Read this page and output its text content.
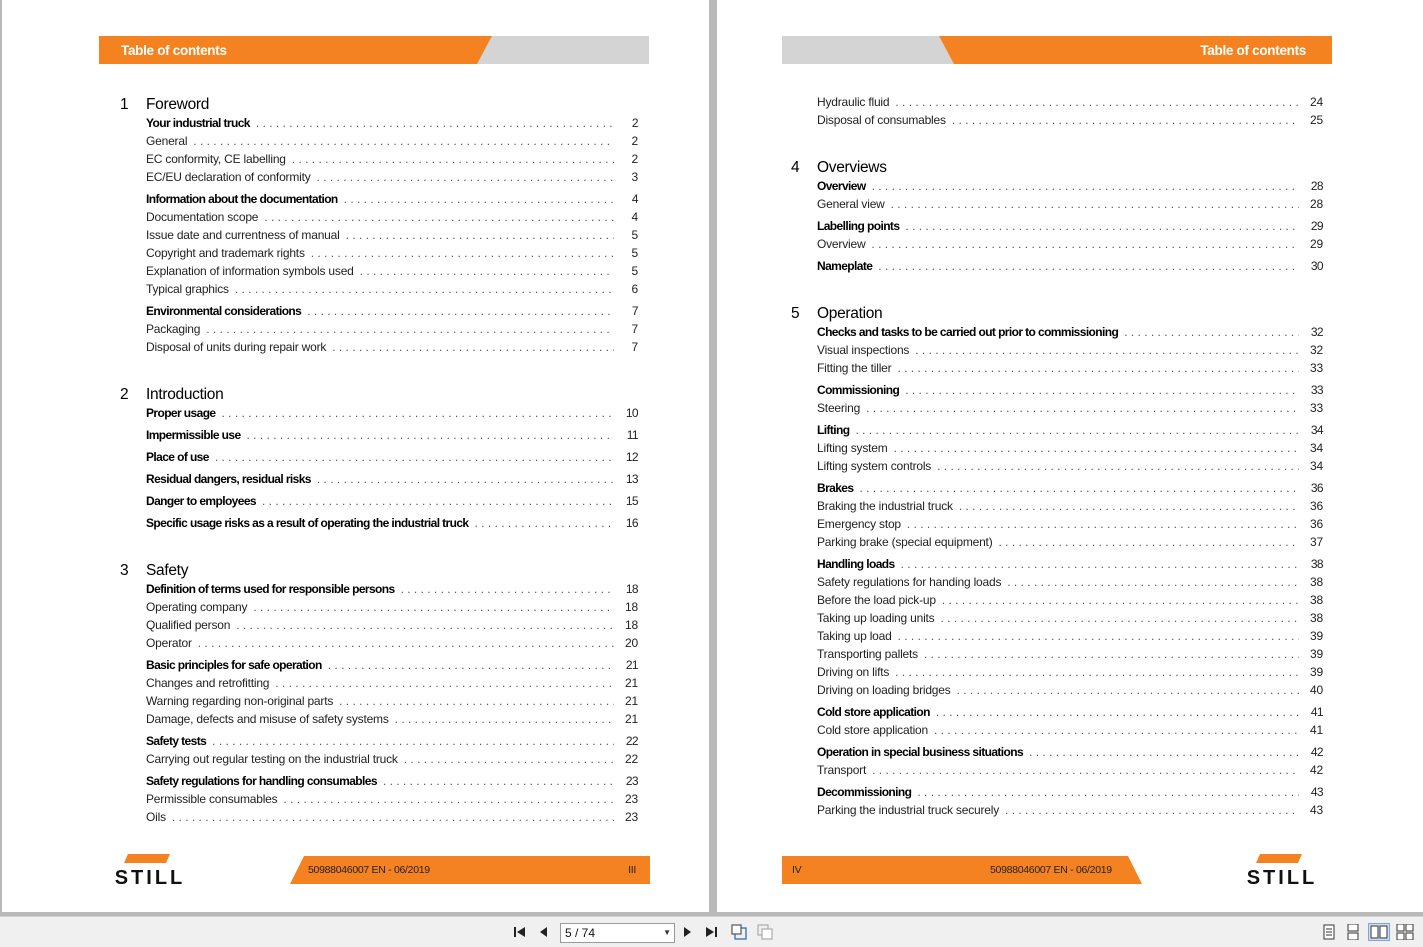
Table of contents
1	Foreword
Your industrial truck . . .	2
General . . .	2
EC conformity, CE labelling . . .	2
EC/EU declaration of conformity . . .	3
Information about the documentation . . .	4
Documentation scope . . .	4
Issue date and currentness of manual . . .	5
Copyright and trademark rights . . .	5
Explanation of information symbols used . . .	5
Typical graphics . . .	6
Environmental considerations . . .	7
Packaging . . .	7
Disposal of units during repair work . . .	7
2	Introduction
Proper usage . . .	10
Impermissible use . . .	11
Place of use . . .	12
Residual dangers, residual risks . . .	13
Danger to employees . . .	15
Specific usage risks as a result of operating the industrial truck . . .	16
3	Safety
Definition of terms used for responsible persons . . .	18
Operating company . . .	18
Qualified person . . .	18
Operator . . .	20
Basic principles for safe operation . . .	21
Changes and retrofitting . . .	21
Warning regarding non-original parts . . .	21
Damage, defects and misuse of safety systems . . .	21
Safety tests . . .	22
Carrying out regular testing on the industrial truck . . .	22
Safety regulations for handling consumables . . .	23
Permissible consumables . . .	23
Oils . . .	23
STILL	50988046007 EN - 06/2019	III
Table of contents
Hydraulic fluid . . .	24
Disposal of consumables . . .	25
4	Overviews
Overview . . .	28
General view . . .	28
Labelling points . . .	29
Overview . . .	29
Nameplate . . .	30
5	Operation
Checks and tasks to be carried out prior to commissioning . . .	32
Visual inspections . . .	32
Fitting the tiller . . .	33
Commissioning . . .	33
Steering . . .	33
Lifting . . .	34
Lifting system . . .	34
Lifting system controls . . .	34
Brakes . . .	36
Braking the industrial truck . . .	36
Emergency stop . . .	36
Parking brake (special equipment) . . .	37
Handling loads . . .	38
Safety regulations for handing loads . . .	38
Before the load pick-up . . .	38
Taking up loading units . . .	38
Taking up load . . .	39
Transporting pallets . . .	39
Driving on lifts . . .	39
Driving on loading bridges . . .	40
Cold store application . . .	41
Cold store application . . .	41
Operation in special business situations . . .	42
Transport . . .	42
Decommissioning . . .	43
Parking the industrial truck securely . . .	43
IV	50988046007 EN - 06/2019	STILL
5 / 74	▼
